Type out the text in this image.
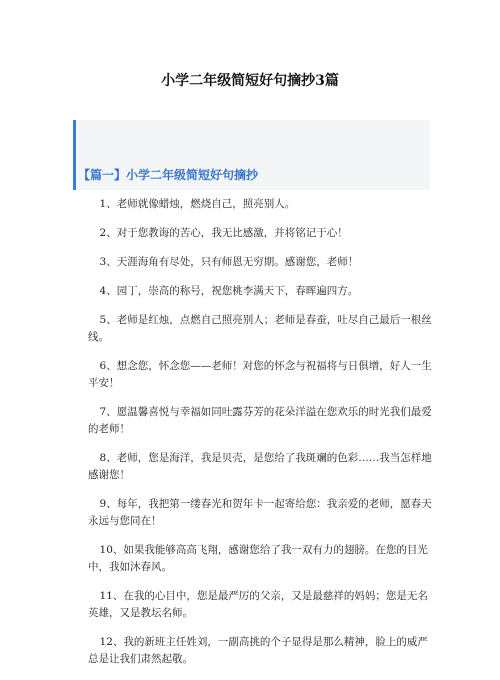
小学二年级简短好句摘抄3篇
【篇一】小学二年级简短好句摘抄

1、老师就像蜡烛，燃烧自己，照亮别人。

2、对于您教诲的苦心，我无比感激，并将铭记于心！

3、天涯海角有尽处，只有师恩无穷期。感谢您，老师！

4、园丁，崇高的称号，祝您桃李满天下，春晖遍四方。

5、老师是红烛，点燃自己照亮别人；老师是春蚕，吐尽自己最后一根丝线。

6、想念您，怀念您——老师！对您的怀念与祝福将与日俱增，好人一生平安！

7、愿温馨喜悦与幸福如同吐露芬芳的花朵洋溢在您欢乐的时光我们最爱的老师！

8、老师，您是海洋，我是贝壳，是您给了我斑斓的色彩……我当怎样地感谢您！

9、每年，我把第一缕春光和贺年卡一起寄给您：我亲爱的老师，愿春天永远与您同在！

10、如果我能够高高飞翔，感谢您给了我一双有力的翅膀。在您的目光中，我如沐春风。

11、在我的心目中，您是最严厉的父亲，又是最慈祥的妈妈；您是无名英雄，又是教坛名师。

12、我的新班主任姓刘，一副高挑的个子显得是那么精神，脸上的威严总是让我们肃然起敬。
